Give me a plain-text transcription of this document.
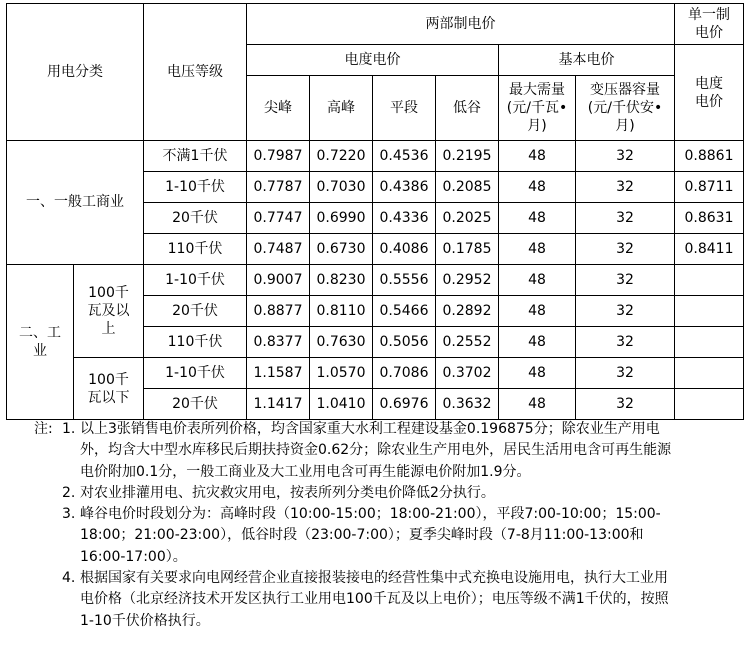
用电分类		电压等级	两部制电价						单一制电价
			电度电价				基本电价		电度电价
			尖峰	高峰	平段	低谷	最大需量(元/千瓦•月)	变压器容量(元/千伏安•月)	
一、一般工商业		不满1千伏	0.7987	0.7220	0.4536	0.2195	48	32	0.8861
		1-10千伏	0.7787	0.7030	0.4386	0.2085	48	32	0.8711
		20千伏	0.7747	0.6990	0.4336	0.2025	48	32	0.8631
		110千伏	0.7487	0.6730	0.4086	0.1785	48	32	0.8411
二、工业	100千瓦及以上	1-10千伏	0.9007	0.8230	0.5556	0.2952	48	32	
		20千伏	0.8877	0.8110	0.5466	0.2892	48	32	
		110千伏	0.8377	0.7630	0.5056	0.2552	48	32	
	100千瓦以下	1-10千伏	1.1587	1.0570	0.7086	0.3702	48	32	
		20千伏	1.1417	1.0410	0.6976	0.3632	48	32	
注: 1. 以上3张销售电价表所列价格，均含国家重大水利工程建设基金0.196875分；除农业生产用电外，均含大中型水库移民后期扶持资金0.62分；除农业生产用电外，居民生活用电含可再生能源电价附加0.1分，一般工商业及大工业用电含可再生能源电价附加1.9分。
2. 对农业排灌用电、抗灾救灾用电，按表所列分类电价降低2分执行。
3. 峰谷电价时段划分为：高峰时段（10:00-15:00；18:00-21:00），平段7:00-10:00；15:00-18:00；21:00-23:00），低谷时段（23:00-7:00）；夏季尖峰时段（7-8月11:00-13:00和16:00-17:00）。
4. 根据国家有关要求向电网经营企业直接报装接电的经营性集中式充换电设施用电，执行大工业用电价格（北京经济技术开发区执行工业用电100千瓦及以上电价）；电压等级不满1千伏的，按照1-10千伏价格执行。
